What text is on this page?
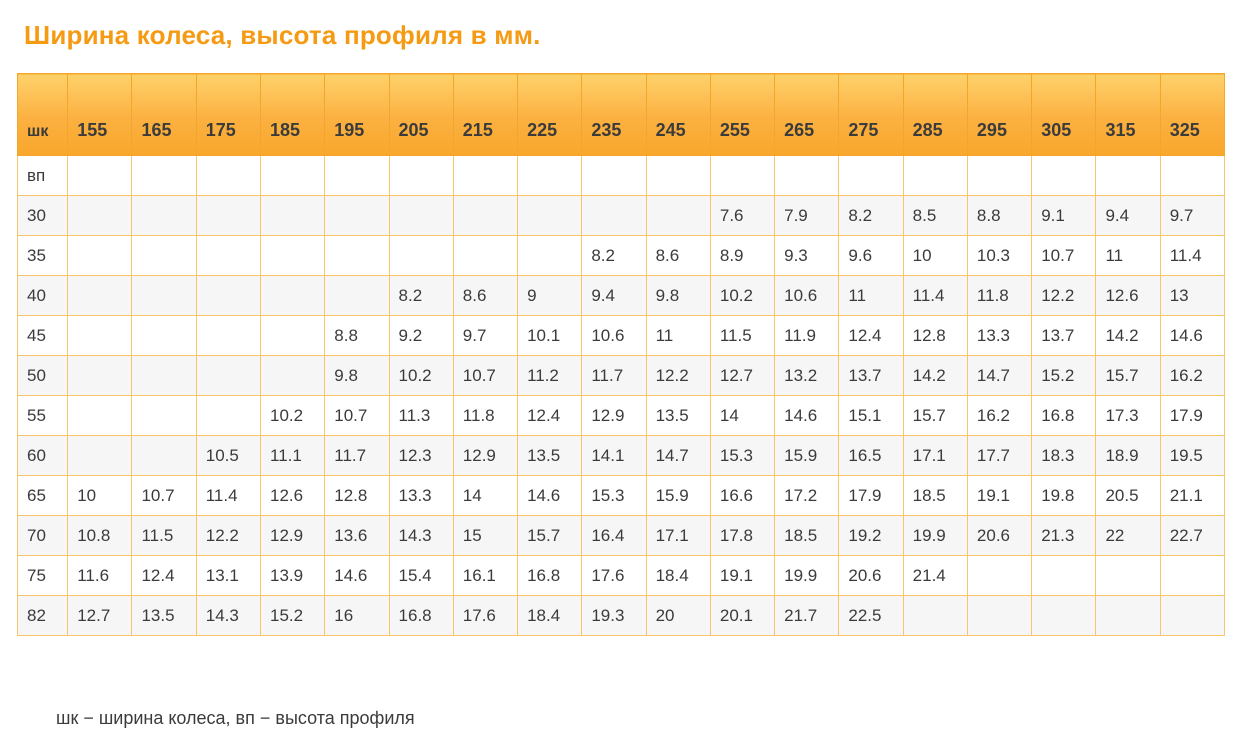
Ширина колеса, высота профиля в мм.
шк	155	165	175	185	195	205	215	225	235	245	255	265	275	285	295	305	315	325
вп																		
30											7.6	7.9	8.2	8.5	8.8	9.1	9.4	9.7
35									8.2	8.6	8.9	9.3	9.6	10	10.3	10.7	11	11.4
40						8.2	8.6	9	9.4	9.8	10.2	10.6	11	11.4	11.8	12.2	12.6	13
45					8.8	9.2	9.7	10.1	10.6	11	11.5	11.9	12.4	12.8	13.3	13.7	14.2	14.6
50					9.8	10.2	10.7	11.2	11.7	12.2	12.7	13.2	13.7	14.2	14.7	15.2	15.7	16.2
55				10.2	10.7	11.3	11.8	12.4	12.9	13.5	14	14.6	15.1	15.7	16.2	16.8	17.3	17.9
60			10.5	11.1	11.7	12.3	12.9	13.5	14.1	14.7	15.3	15.9	16.5	17.1	17.7	18.3	18.9	19.5
65	10	10.7	11.4	12.6	12.8	13.3	14	14.6	15.3	15.9	16.6	17.2	17.9	18.5	19.1	19.8	20.5	21.1
70	10.8	11.5	12.2	12.9	13.6	14.3	15	15.7	16.4	17.1	17.8	18.5	19.2	19.9	20.6	21.3	22	22.7
75	11.6	12.4	13.1	13.9	14.6	15.4	16.1	16.8	17.6	18.4	19.1	19.9	20.6	21.4				
82	12.7	13.5	14.3	15.2	16	16.8	17.6	18.4	19.3	20	20.1	21.7	22.5					
шк − ширина колеса, вп − высота профиля
